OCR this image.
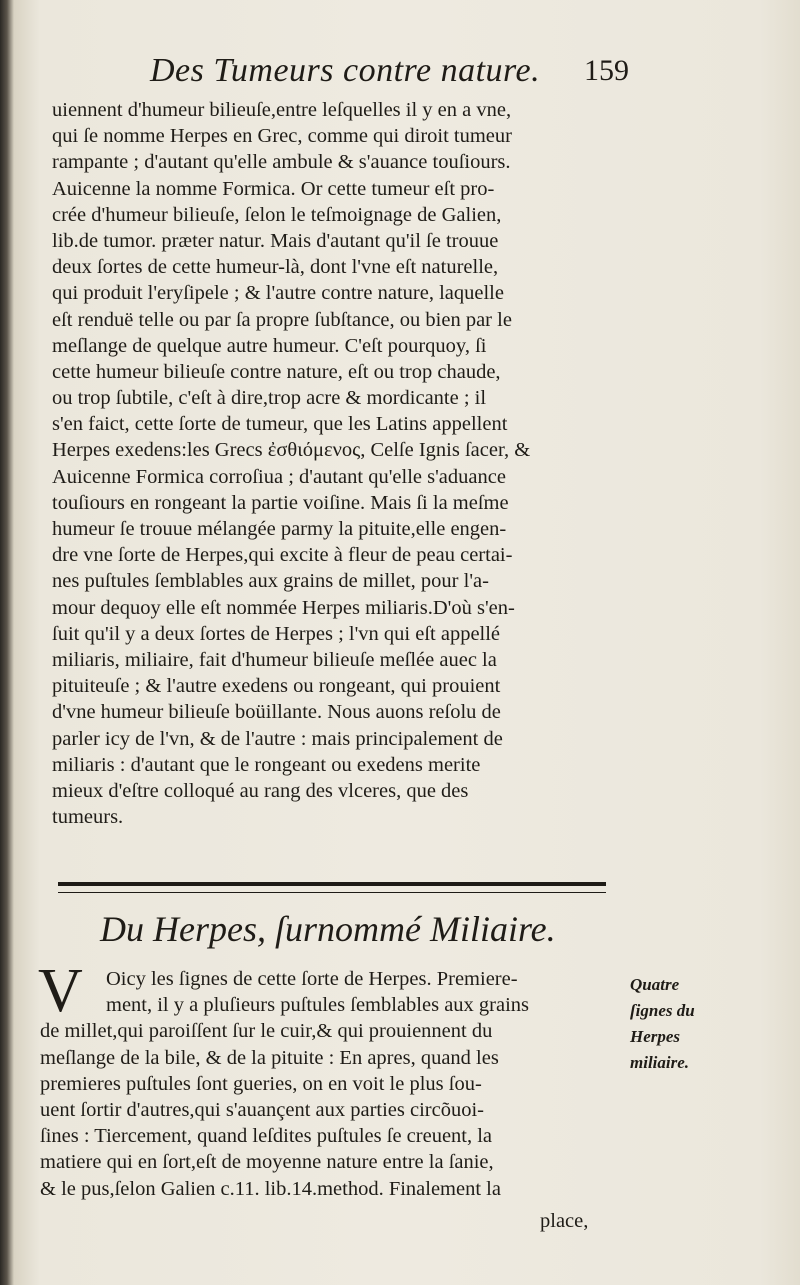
Des Tumeurs contre nature.	159
uiennent d'humeur bilieuſe,entre leſquelles il y en a vne,
qui ſe nomme Herpes en Grec, comme qui diroit tumeur
rampante ; d'autant qu'elle ambule & s'auance touſiours.
Auicenne la nomme Formica. Or cette tumeur eſt pro-
crée d'humeur bilieuſe, ſelon le teſmoignage de Galien,
lib.de tumor. præter natur. Mais d'autant qu'il ſe trouue
deux ſortes de cette humeur-là, dont l'vne eſt naturelle,
qui produit l'eryſipele ; & l'autre contre nature, laquelle
eſt renduë telle ou par ſa propre ſubſtance, ou bien par le
meſlange de quelque autre humeur. C'eſt pourquoy, ſi
cette humeur bilieuſe contre nature, eſt ou trop chaude,
ou trop ſubtile, c'eſt à dire,trop acre & mordicante ; il
s'en faict, cette ſorte de tumeur, que les Latins appellent
Herpes exedens:les Grecs ἐσθιόμενος, Celſe Ignis ſacer, &
Auicenne Formica corroſiua ; d'autant qu'elle s'aduance
touſiours en rongeant la partie voiſine. Mais ſi la meſme
humeur ſe trouue mélangée parmy la pituite,elle engen-
dre vne ſorte de Herpes,qui excite à fleur de peau certai-
nes puſtules ſemblables aux grains de millet, pour l'a-
mour dequoy elle eſt nommée Herpes miliaris.D'où s'en-
ſuit qu'il y a deux ſortes de Herpes ; l'vn qui eſt appellé
miliaris, miliaire, fait d'humeur bilieuſe meſlée auec la
pituiteuſe ; & l'autre exedens ou rongeant, qui prouient
d'vne humeur bilieuſe boüillante. Nous auons reſolu de
parler icy de l'vn, & de l'autre : mais principalement de
miliaris : d'autant que le rongeant ou exedens merite
mieux d'eſtre colloqué au rang des vlceres, que des
tumeurs.
Du Herpes, ſurnommé Miliaire.
V	Oicy les ſignes de cette ſorte de Herpes. Premiere-
ment, il y a pluſieurs puſtules ſemblables aux grains
de millet,qui paroiſſent ſur le cuir,& qui prouiennent du
meſlange de la bile, & de la pituite : En apres, quand les
premieres puſtules ſont gueries, on en voit le plus ſou-
uent ſortir d'autres,qui s'auançent aux parties circõuoi-
ſines : Tiercement, quand leſdites puſtules ſe creuent, la
matiere qui en ſort,eſt de moyenne nature entre la ſanie,
& le pus,ſelon Galien c.11. lib.14.method. Finalement la
Quatre
ſignes du
Herpes
miliaire.
place,
